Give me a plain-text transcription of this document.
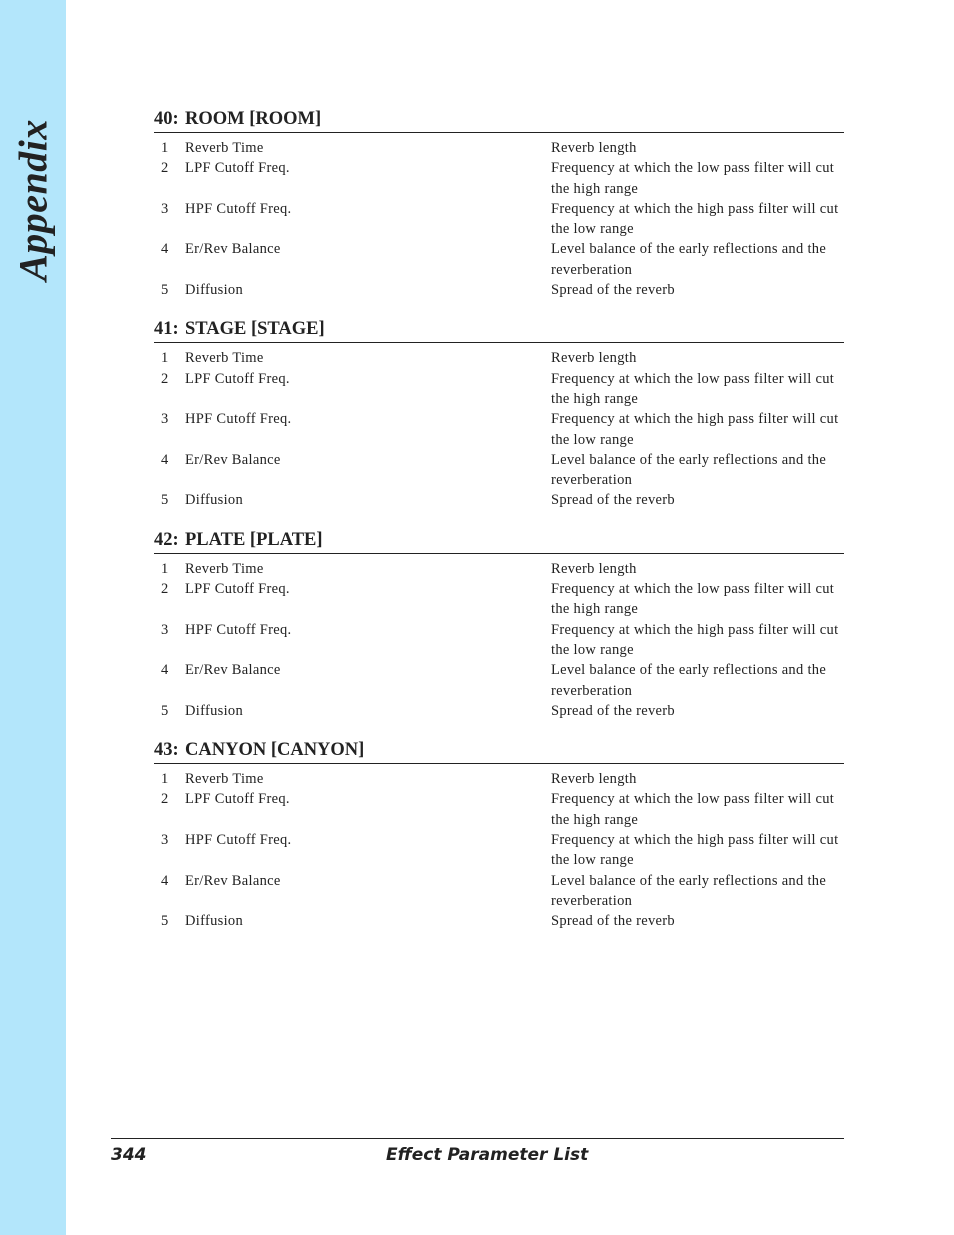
Appendix
40: ROOM [ROOM]
1	Reverb Time	Reverb length
2	LPF Cutoff Freq.	Frequency at which the low pass filter will cut the high range
3	HPF Cutoff Freq.	Frequency at which the high pass filter will cut the low range
4	Er/Rev Balance	Level balance of the early reflections and the reverberation
5	Diffusion	Spread of the reverb
41: STAGE [STAGE]
1	Reverb Time	Reverb length
2	LPF Cutoff Freq.	Frequency at which the low pass filter will cut the high range
3	HPF Cutoff Freq.	Frequency at which the high pass filter will cut the low range
4	Er/Rev Balance	Level balance of the early reflections and the reverberation
5	Diffusion	Spread of the reverb
42: PLATE [PLATE]
1	Reverb Time	Reverb length
2	LPF Cutoff Freq.	Frequency at which the low pass filter will cut the high range
3	HPF Cutoff Freq.	Frequency at which the high pass filter will cut the low range
4	Er/Rev Balance	Level balance of the early reflections and the reverberation
5	Diffusion	Spread of the reverb
43: CANYON [CANYON]
1	Reverb Time	Reverb length
2	LPF Cutoff Freq.	Frequency at which the low pass filter will cut the high range
3	HPF Cutoff Freq.	Frequency at which the high pass filter will cut the low range
4	Er/Rev Balance	Level balance of the early reflections and the reverberation
5	Diffusion	Spread of the reverb
344	Effect Parameter List
